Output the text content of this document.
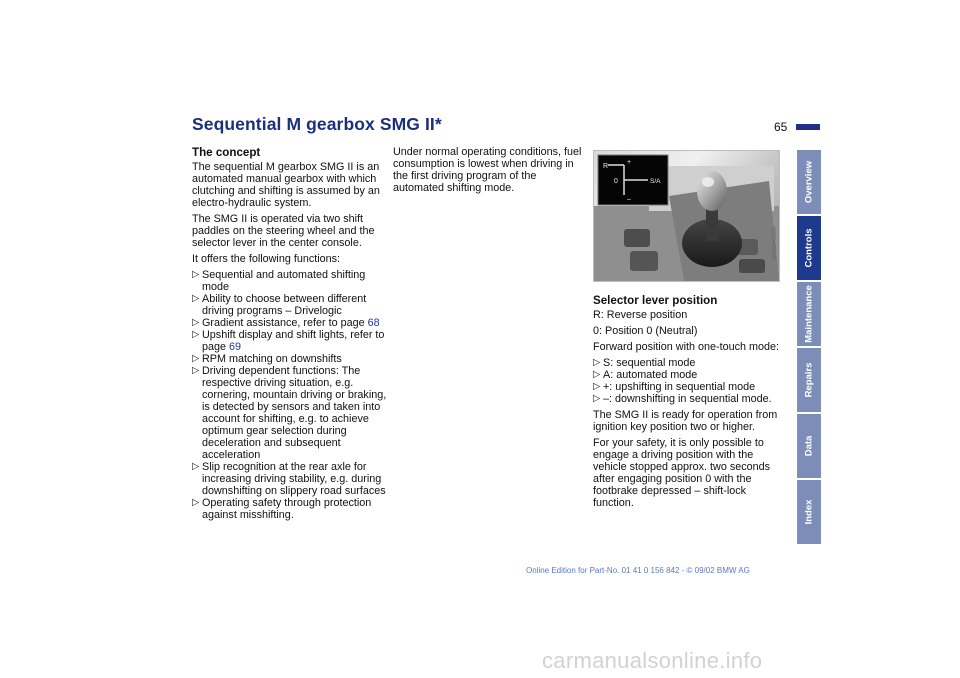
Sequential M gearbox SMG II*	65
The concept

The sequential M gearbox SMG II is an automated manual gearbox with which clutching and shifting is assumed by an electro-hydraulic system.

The SMG II is operated via two shift paddles on the steering wheel and the selector lever in the center console.

It offers the following functions:

▷ Sequential and automated shifting mode
▷ Ability to choose between different driving programs – Drivelogic
▷ Gradient assistance, refer to page 68
▷ Upshift display and shift lights, refer to page 69
▷ RPM matching on downshifts
▷ Driving dependent functions: The respective driving situation, e.g. cornering, mountain driving or braking, is detected by sensors and taken into account for shifting, e.g. to achieve optimum gear selection during deceleration and subsequent acceleration
▷ Slip recognition at the rear axle for increasing driving stability, e.g. during downshifting on slippery road surfaces
▷ Operating safety through protection against misshifting.

Under normal operating conditions, fuel consumption is lowest when driving in the first driving program of the automated shifting mode.

R
0	S/A
+
–
MV09840CMA
Selector lever position

R: Reverse position

0: Position 0 (Neutral)

Forward position with one-touch mode:

▷ S: sequential mode
▷ A: automated mode
▷ +: upshifting in sequential mode
▷ –: downshifting in sequential mode.

The SMG II is ready for operation from ignition key position two or higher.

For your safety, it is only possible to engage a driving position with the vehicle stopped approx. two seconds after engaging position 0 with the footbrake depressed – shift-lock function.

Overview
Controls
Maintenance
Repairs
Data
Index
Online Edition for Part-No. 01 41 0 156 842 - © 09/02 BMW AG
carmanualsonline.info
